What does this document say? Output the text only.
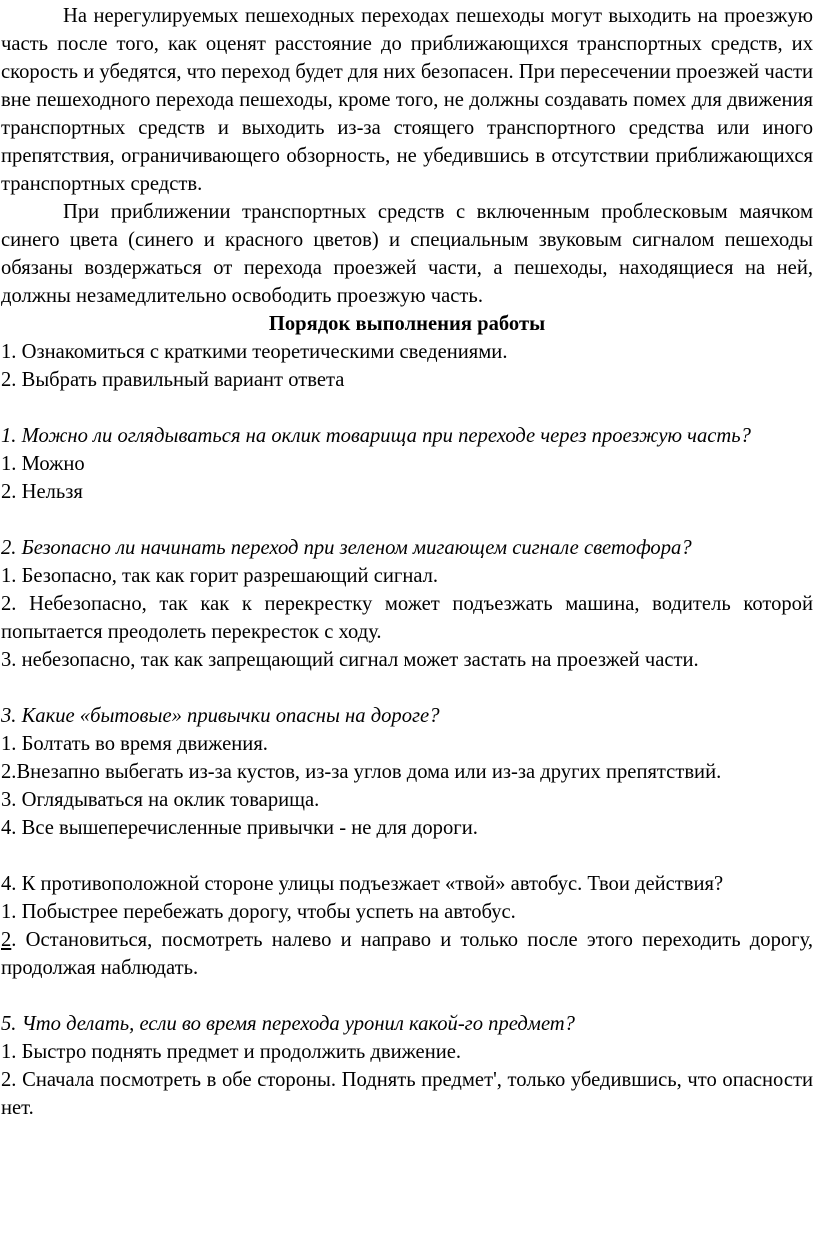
На нерегулируемых пешеходных переходах пешеходы могут выходить на проезжую часть после того, как оценят расстояние до приближающихся транспортных средств, их скорость и убедятся, что переход будет для них безопасен. При пересечении проезжей части вне пешеходного перехода пешеходы, кроме того, не должны создавать помех для движения транспортных средств и выходить из-за стоящего транспортного средства или иного препятствия, ограничивающего обзорность, не убедившись в отсутствии приближающихся транспортных средств.

При приближении транспортных средств с включенным проблесковым маячком синего цвета (синего и красного цветов) и специальным звуковым сигналом пешеходы обязаны воздержаться от перехода проезжей части, а пешеходы, находящиеся на ней, должны незамедлительно освободить проезжую часть.

Порядок выполнения работы

1. Ознакомиться с краткими теоретическими сведениями.

2. Выбрать правильный вариант ответа

1. Можно ли оглядываться на оклик товарища при переходе через проезжую часть?

1. Можно

2. Нельзя

2. Безопасно ли начинать переход при зеленом мигающем сигнале светофора?

1. Безопасно, так как горит разрешающий сигнал.

2. Небезопасно, так как к перекрестку может подъезжать машина, водитель которой попытается преодолеть перекресток с ходу.

3. небезопасно, так как запрещающий сигнал может застать на проезжей части.

3. Какие «бытовые» привычки опасны на дороге?

1. Болтать во время движения.

2.Внезапно выбегать из-за кустов, из-за углов дома или из-за других препятствий.

3. Оглядываться на оклик товарища.

4. Все вышеперечисленные привычки - не для дороги.

4. К противоположной стороне улицы подъезжает «твой» автобус. Твои действия?

1. Побыстрее перебежать дорогу, чтобы успеть на автобус.

2. Остановиться, посмотреть налево и направо и только после этого переходить дорогу, продолжая наблюдать.

5. Что делать, если во время перехода уронил какой-го предмет?

1. Быстро поднять предмет и продолжить движение.

2. Сначала посмотреть в обе стороны. Поднять предмет', только убедившись, что опасности нет.
